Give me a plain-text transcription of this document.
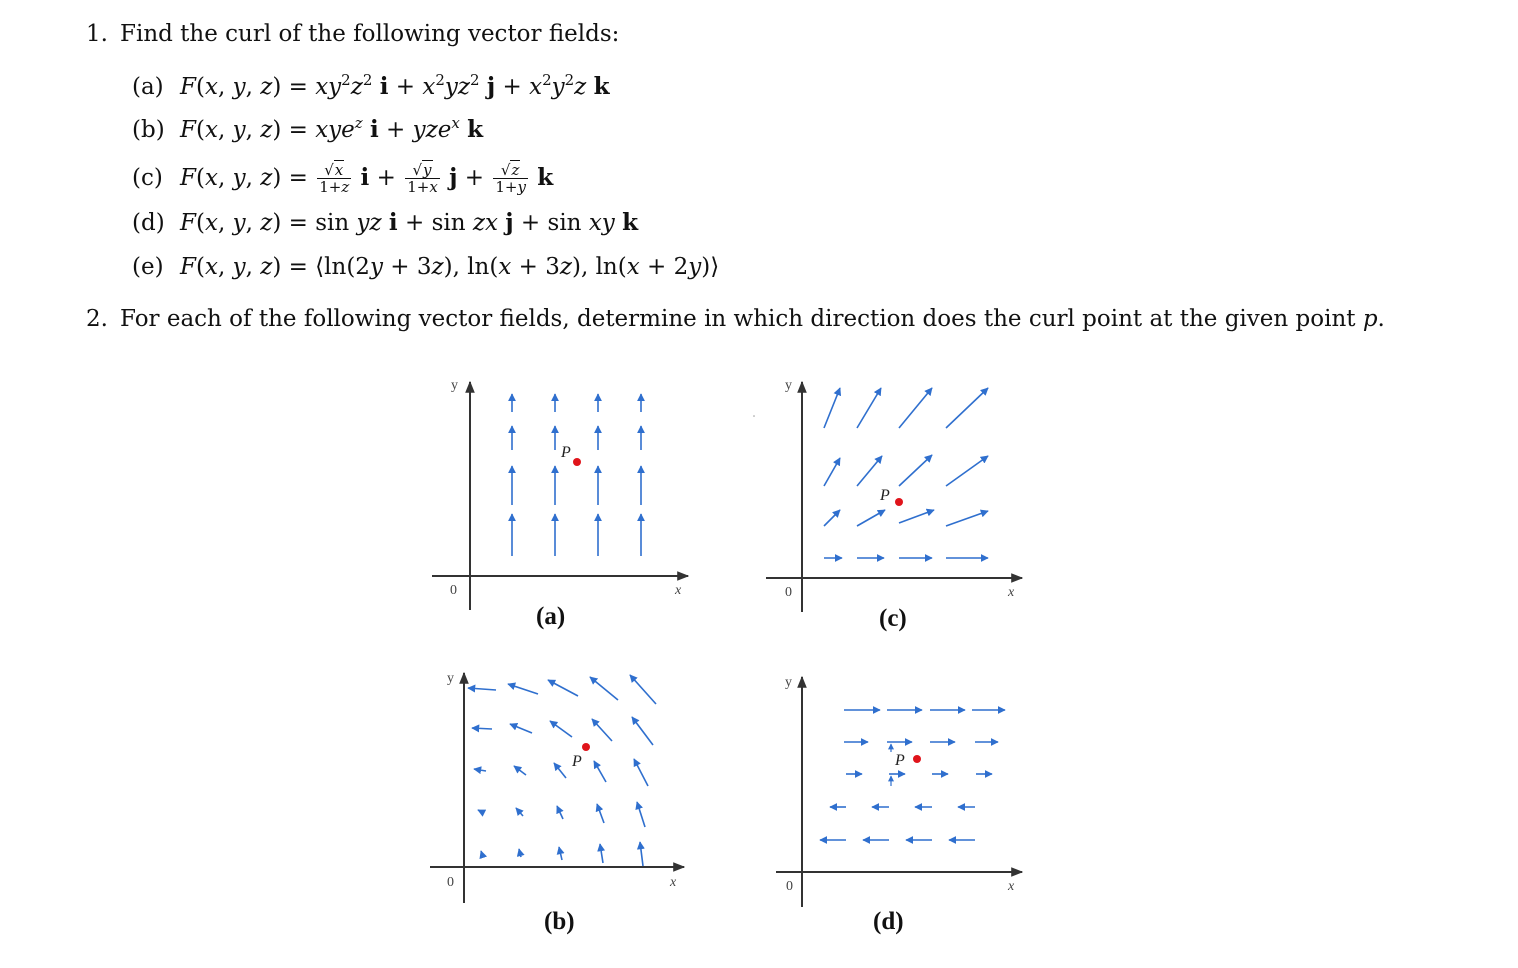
1. Find the curl of the following vector fields:
(a) F(x, y, $z) = xy^2z^2$ $i + x^2yz^2$ $j + x^2y^2z$ k
(b) F(x, y, z) = xye$^z$ i + yze$^x$ k
(c) F(x, y, $z) = \frac{√x}{1+z}$ $i + \frac{√y}{1+x}$ $j + \frac{√z}{1+y}$ k
(d) F(x, y, z) = sin yz i + sin zx j + sin xy k
(e) F(x, y, z) = ⟨ln(2y + 3z), ln(x + 3z), ln(x + 2y)⟩
2. For each of the following vector fields, determine in which direction does the curl point at the given point p.
y
x
0
P
(a)
y
x
0
P
(c)
y
x
0
P
(b)
y
x
0
P
(d)
